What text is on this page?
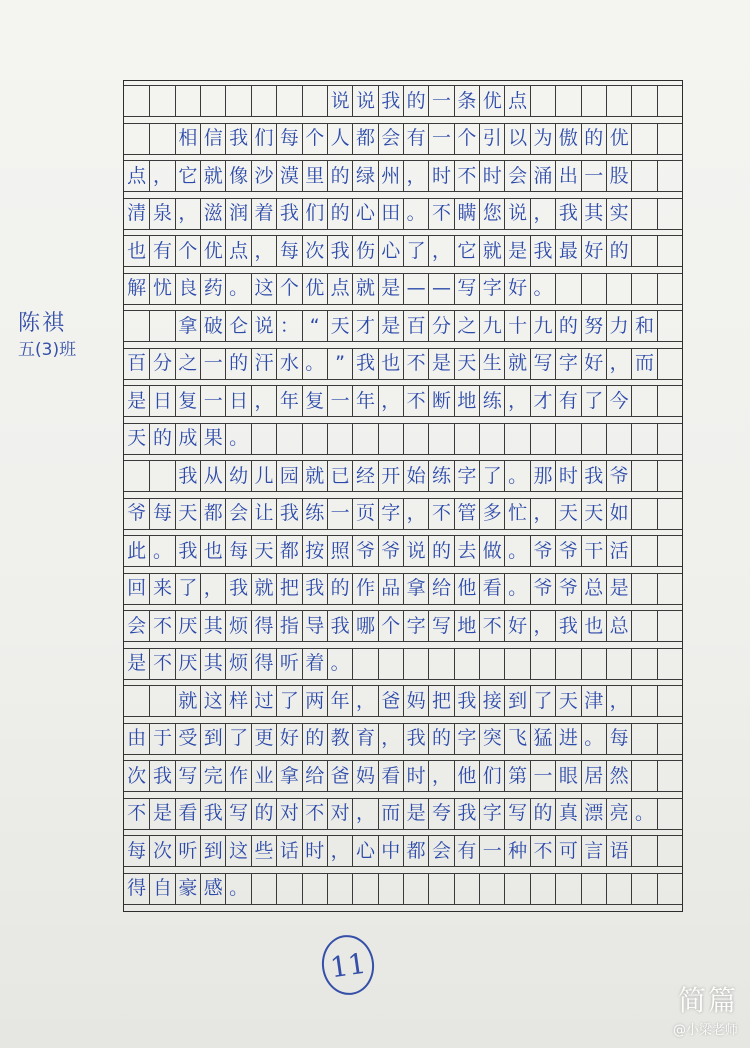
说 说 我 的 一 条 优 点
相 信 我 们 每 个 人 都 会 有 一 个 引 以 为 傲 的 优
点 ， 它 就 像 沙 漠 里 的 绿 州 ， 时 不 时 会 涌 出 一 股
清 泉 ， 滋 润 着 我 们 的 心 田 。 不 瞒 您 说 ， 我 其 实
也 有 个 优 点 ， 每 次 我 伤 心 了 ， 它 就 是 我 最 好 的
解 忧 良 药 。 这 个 优 点 就 是 — — 写 字 好 。
拿 破 仑 说 ： “ 天 才 是 百 分 之 九 十 九 的 努 力 和
百 分 之 一 的 汗 水 。 ” 我 也 不 是 天 生 就 写 字 好 ， 而
是 日 复 一 日 ， 年 复 一 年 ， 不 断 地 练 ， 才 有 了 今
天 的 成 果 。
我 从 幼 儿 园 就 已 经 开 始 练 字 了 。 那 时 我 爷
爷 每 天 都 会 让 我 练 一 页 字 ， 不 管 多 忙 ， 天 天 如
此 。 我 也 每 天 都 按 照 爷 爷 说 的 去 做 。 爷 爷 干 活
回 来 了 ， 我 就 把 我 的 作 品 拿 给 他 看 。 爷 爷 总 是
会 不 厌 其 烦 得 指 导 我 哪 个 字 写 地 不 好 ， 我 也 总
是 不 厌 其 烦 得 听 着 。
就 这 样 过 了 两 年 ， 爸 妈 把 我 接 到 了 天 津 ，
由 于 受 到 了 更 好 的 教 育 ， 我 的 字 突 飞 猛 进 。 每
次 我 写 完 作 业 拿 给 爸 妈 看 时 ， 他 们 第 一 眼 居 然
不 是 看 我 写 的 对 不 对 ， 而 是 夸 我 字 写 的 真 漂 亮 。
每 次 听 到 这 些 话 时 ， 心 中 都 会 有 一 种 不 可 言 语
得 自 豪 感 。
陈祺
五(3)班
11
简篇
@小梁老师
